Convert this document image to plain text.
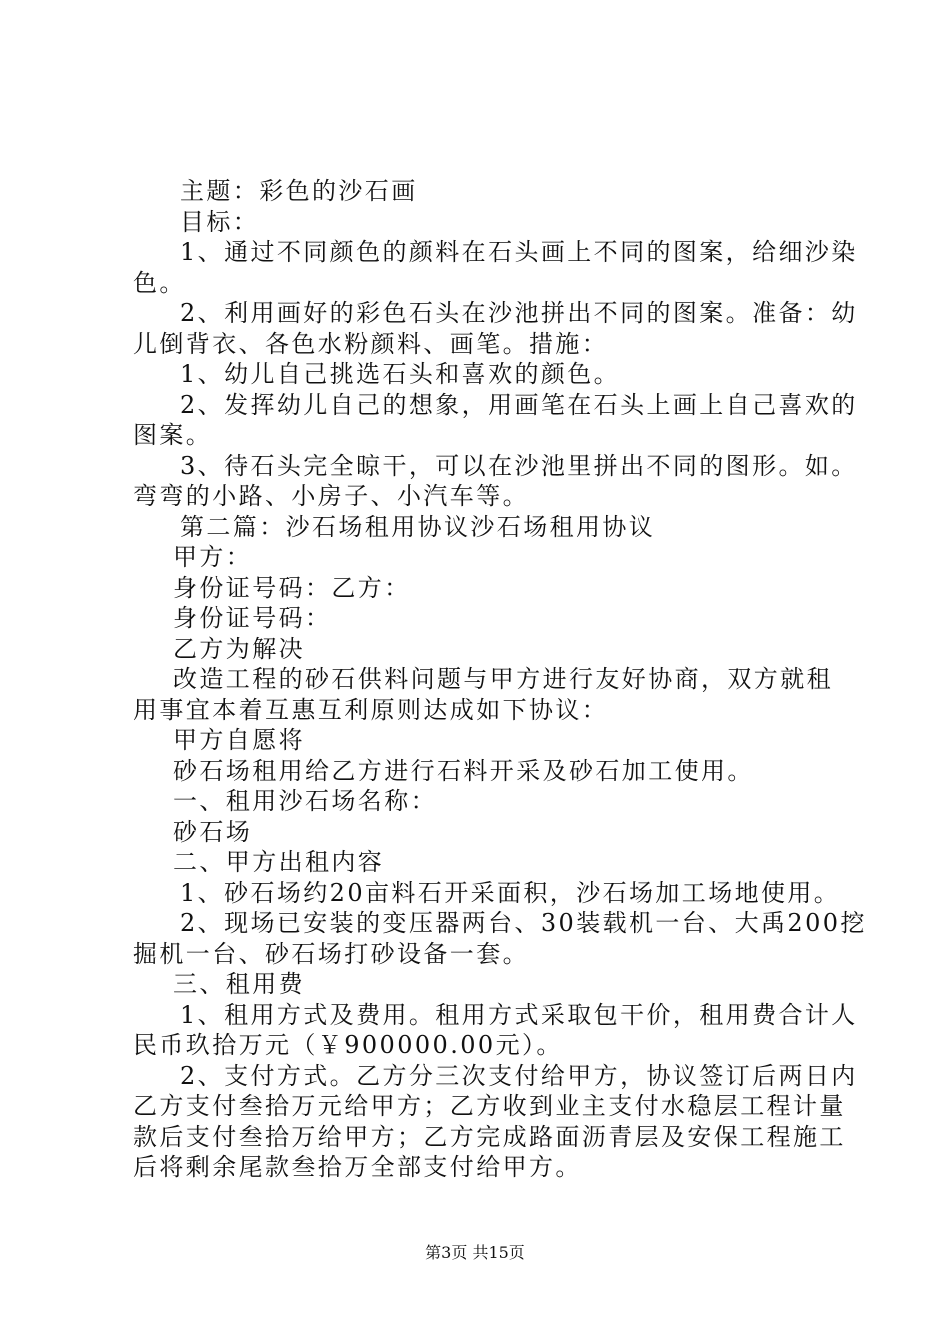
主题：彩色的沙石画

目标：

1、通过不同颜色的颜料在石头画上不同的图案，给细沙染

色。

2、利用画好的彩色石头在沙池拼出不同的图案。准备：幼

儿倒背衣、各色水粉颜料、画笔。措施：

1、幼儿自己挑选石头和喜欢的颜色。

2、发挥幼儿自己的想象，用画笔在石头上画上自己喜欢的

图案。

3、待石头完全晾干，可以在沙池里拼出不同的图形。如。

弯弯的小路、小房子、小汽车等。

第二篇：沙石场租用协议沙石场租用协议

甲方：

身份证号码：乙方：

身份证号码：

乙方为解决

改造工程的砂石供料问题与甲方进行友好协商，双方就租

用事宜本着互惠互利原则达成如下协议：

甲方自愿将

砂石场租用给乙方进行石料开采及砂石加工使用。

一、租用沙石场名称：

砂石场

二、甲方出租内容

1、砂石场约20亩料石开采面积，沙石场加工场地使用。

2、现场已安装的变压器两台、30装载机一台、大禹200挖

掘机一台、砂石场打砂设备一套。

三、租用费

1、租用方式及费用。租用方式采取包干价，租用费合计人

民币玖拾万元（￥900000.00元）。

2、支付方式。乙方分三次支付给甲方，协议签订后两日内

乙方支付叁拾万元给甲方；乙方收到业主支付水稳层工程计量

款后支付叁拾万给甲方；乙方完成路面沥青层及安保工程施工

后将剩余尾款叁拾万全部支付给甲方。

第3页 共15页
